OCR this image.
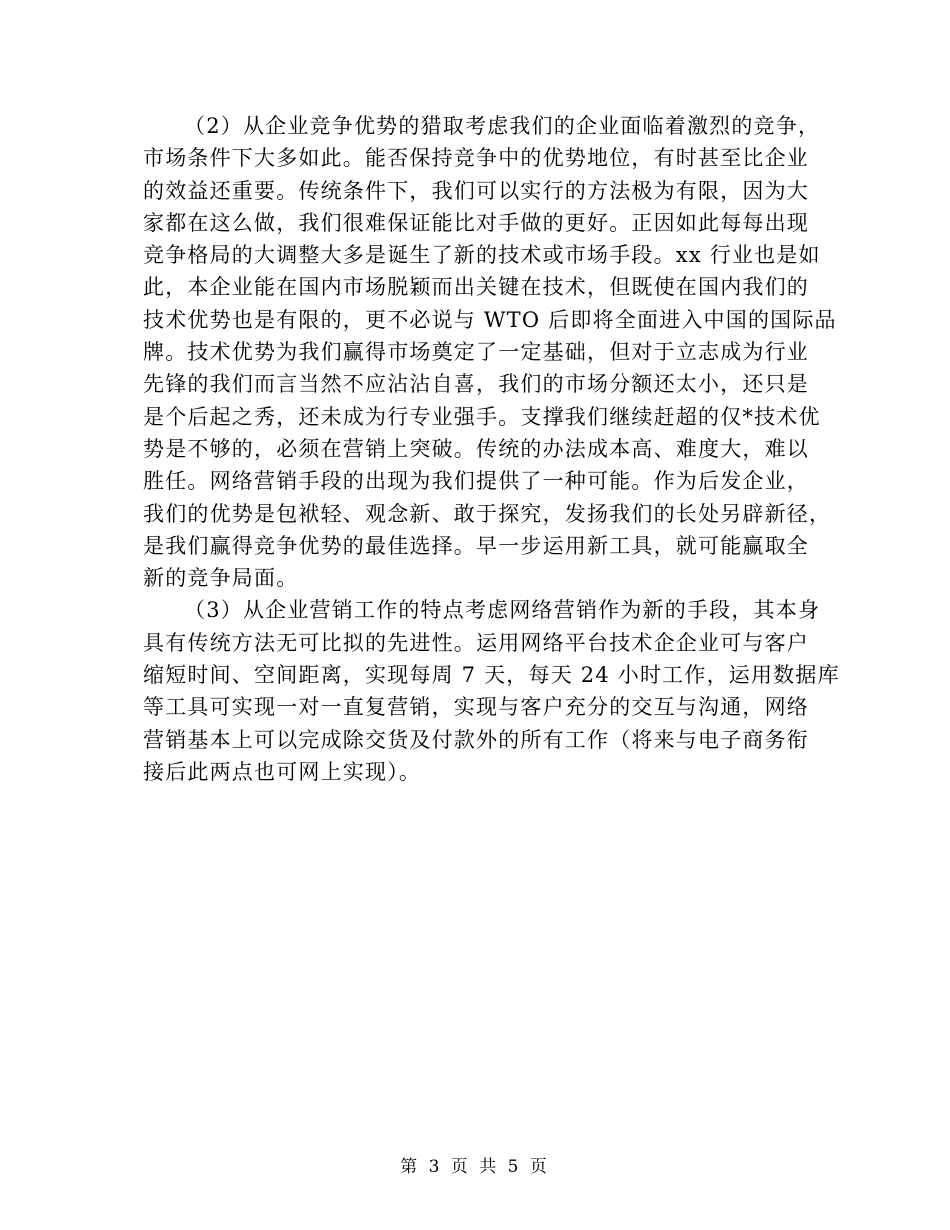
（2）从企业竞争优势的猎取考虑我们的企业面临着激烈的竞争，
市场条件下大多如此。能否保持竞争中的优势地位，有时甚至比企业
的效益还重要。传统条件下，我们可以实行的方法极为有限，因为大
家都在这么做，我们很难保证能比对手做的更好。正因如此每每出现
竞争格局的大调整大多是诞生了新的技术或市场手段。xx 行业也是如
此，本企业能在国内市场脱颖而出关键在技术，但既使在国内我们的
技术优势也是有限的，更不必说与 WTO 后即将全面进入中国的国际品
牌。技术优势为我们赢得市场奠定了一定基础，但对于立志成为行业
先锋的我们而言当然不应沾沾自喜，我们的市场分额还太小，还只是
是个后起之秀，还未成为行专业强手。支撑我们继续赶超的仅*技术优
势是不够的，必须在营销上突破。传统的办法成本高、难度大，难以
胜任。网络营销手段的出现为我们提供了一种可能。作为后发企业，
我们的优势是包袱轻、观念新、敢于探究，发扬我们的长处另辟新径，
是我们赢得竞争优势的最佳选择。早一步运用新工具，就可能赢取全
新的竞争局面。
（3）从企业营销工作的特点考虑网络营销作为新的手段，其本身
具有传统方法无可比拟的先进性。运用网络平台技术企企业可与客户
缩短时间、空间距离，实现每周 7 天，每天 24 小时工作，运用数据库
等工具可实现一对一直复营销，实现与客户充分的交互与沟通，网络
营销基本上可以完成除交货及付款外的所有工作（将来与电子商务衔
接后此两点也可网上实现）。
第 3 页 共 5 页
